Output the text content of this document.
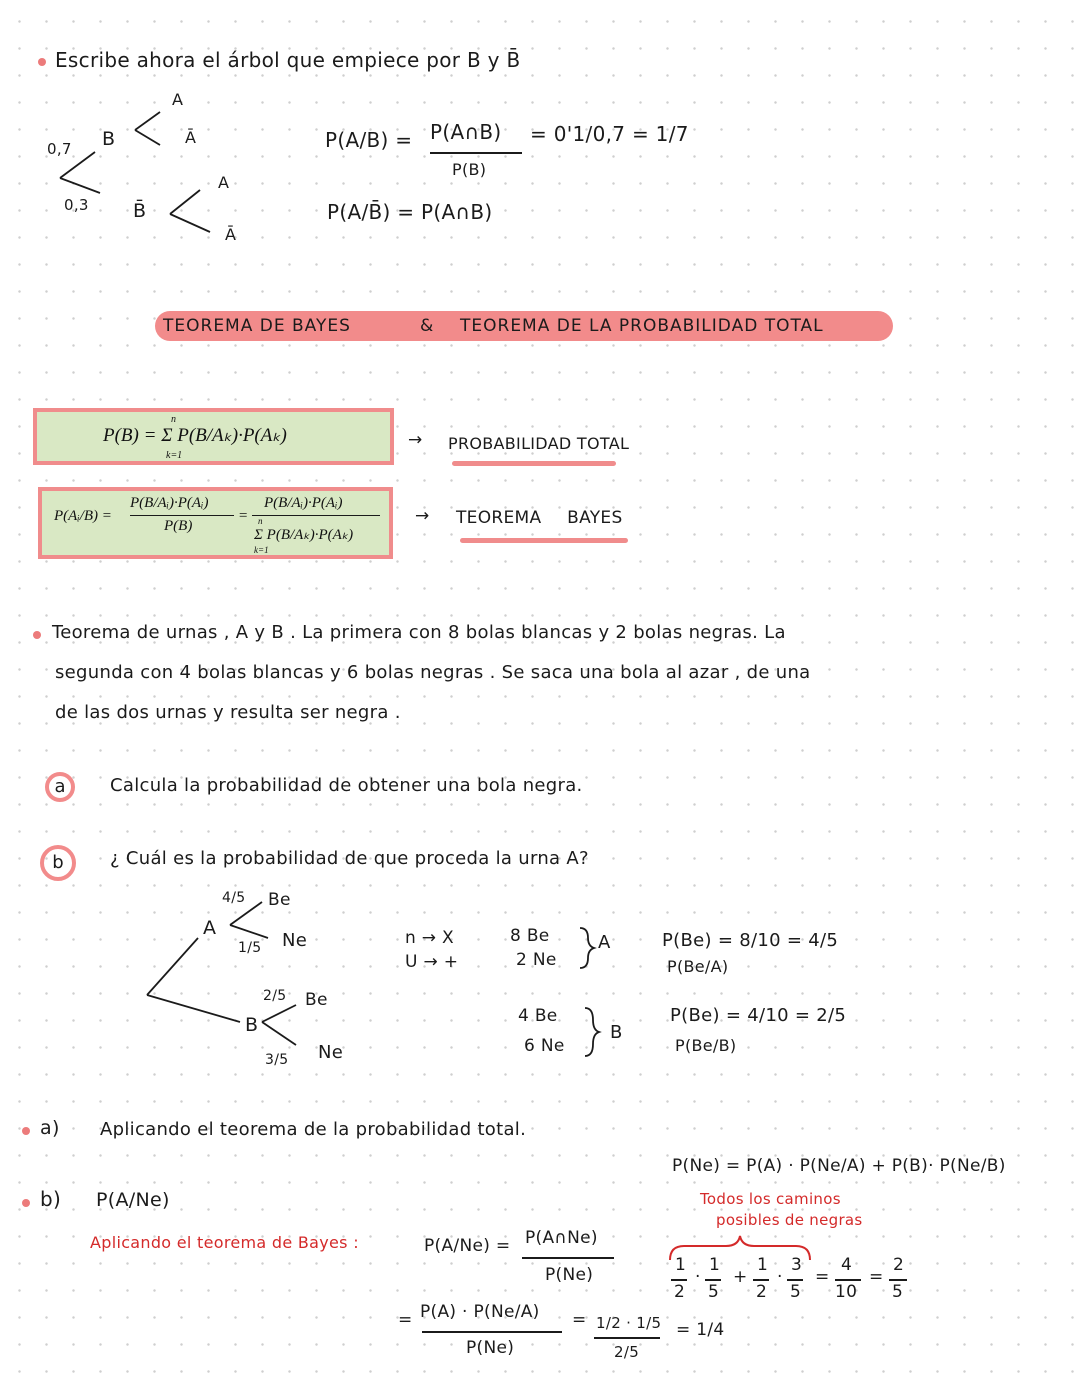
Escribe ahora el árbol que empiece por B y B̄
0,7
0,3
B
B̄
A
Ā
A
Ā
P(A/B) = P(A∩B)
P(B)
= 0'1/0,7 = 1/7
P(A/B̄) = P(A∩B)
TEOREMA DE BAYES	& TEOREMA DE LA PROBABILIDAD TOTAL
P(B) = Σ P(B/Aₖ)·P(Aₖ)
n
k=1
→ PROBABILIDAD TOTAL
P(Aᵢ/B) =
P(B/Aᵢ)·P(Aᵢ)
P(B)
=
P(B/Aᵢ)·P(Aᵢ)
Σ P(B/Aₖ)·P(Aₖ)
n
k=1
→ TEOREMA BAYES
Teorema de urnas , A y B . La primera con 8 bolas blancas y 2 bolas negras. La
segunda con 4 bolas blancas y 6 bolas negras . Se saca una bola al azar , de una
de las dos urnas y resulta ser negra .
a	Calcula la probabilidad de obtener una bola negra.
b	¿ Cuál es la probabilidad de que proceda la urna A?
A
B
4/5 Be
1/5 Ne
2/5 Be
3/5 Ne
n → X
U → +
8 Be
2 Ne
A
4 Be
6 Ne
B
P(Be) = 8/10 = 4/5
P(Be/A)
P(Be) = 4/10 = 2/5
P(Be/B)
a) Aplicando el teorema de la probabilidad total.
P(Ne) = P(A) · P(Ne/A) + P(B)· P(Ne/B)
Todos los caminos
posibles de negras
1
2
·
1
5
+
1
2
·
3
5
=
4
10
=
2
5
b) P(A/Ne)
Aplicando el teorema de Bayes :	P(A/Ne) = P(A∩Ne)
P(Ne)
= P(A) · P(Ne/A)
P(Ne)
= 1/2 · 1/5
2/5
= 1/4
